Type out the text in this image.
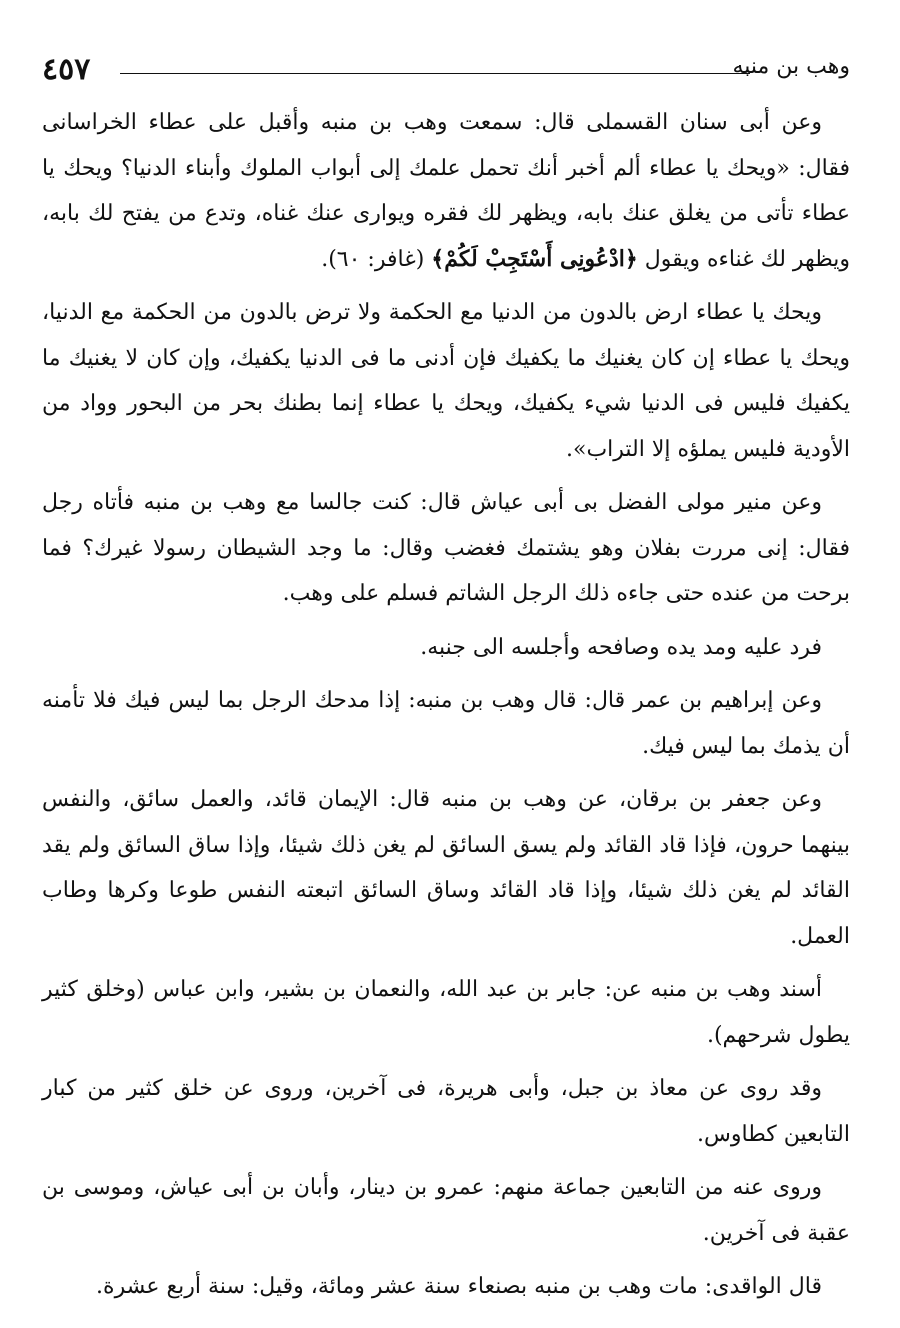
٤٥٧	وهب بن منبه

وعن أبى سنان القسملى قال: سمعت وهب بن منبه وأقبل على عطاء الخراسانى فقال: «ويحك يا عطاء ألم أخبر أنك تحمل علمك إلى أبواب الملوك وأبناء الدنيا؟ ويحك يا عطاء تأتى من يغلق عنك بابه، ويظهر لك فقره ويوارى عنك غناه، وتدع من يفتح لك بابه، ويظهر لك غناءه ويقول ﴿ادْعُونِى أَسْتَجِبْ لَكُمْ﴾ (غافر: ٦٠).

ويحك يا عطاء ارض بالدون من الدنيا مع الحكمة ولا ترض بالدون من الحكمة مع الدنيا، ويحك يا عطاء إن كان يغنيك ما يكفيك فإن أدنى ما فى الدنيا يكفيك، وإن كان لا يغنيك ما يكفيك فليس فى الدنيا شيء يكفيك، ويحك يا عطاء إنما بطنك بحر من البحور وواد من الأودية فليس يملؤه إلا التراب».

وعن منير مولى الفضل بى أبى عياش قال: كنت جالسا مع وهب بن منبه فأتاه رجل فقال: إنى مررت بفلان وهو يشتمك فغضب وقال: ما وجد الشيطان رسولا غيرك؟ فما برحت من عنده حتى جاءه ذلك الرجل الشاتم فسلم على وهب.

فرد عليه ومد يده وصافحه وأجلسه الى جنبه.

وعن إبراهيم بن عمر قال: قال وهب بن منبه: إذا مدحك الرجل بما ليس فيك فلا تأمنه أن يذمك بما ليس فيك.

وعن جعفر بن برقان، عن وهب بن منبه قال: الإيمان قائد، والعمل سائق، والنفس بينهما حرون، فإذا قاد القائد ولم يسق السائق لم يغن ذلك شيئا، وإذا ساق السائق ولم يقد القائد لم يغن ذلك شيئا، وإذا قاد القائد وساق السائق اتبعته النفس طوعا وكرها وطاب العمل.

أسند وهب بن منبه عن: جابر بن عبد الله، والنعمان بن بشير، وابن عباس (وخلق كثير يطول شرحهم).

وقد روى عن معاذ بن جبل، وأبى هريرة، فى آخرين، وروى عن خلق كثير من كبار التابعين كطاوس.

وروى عنه من التابعين جماعة منهم: عمرو بن دينار، وأبان بن أبى عياش، وموسى بن عقبة فى آخرين.

قال الواقدى: مات وهب بن منبه بصنعاء سنة عشر ومائة، وقيل: سنة أربع عشرة.
